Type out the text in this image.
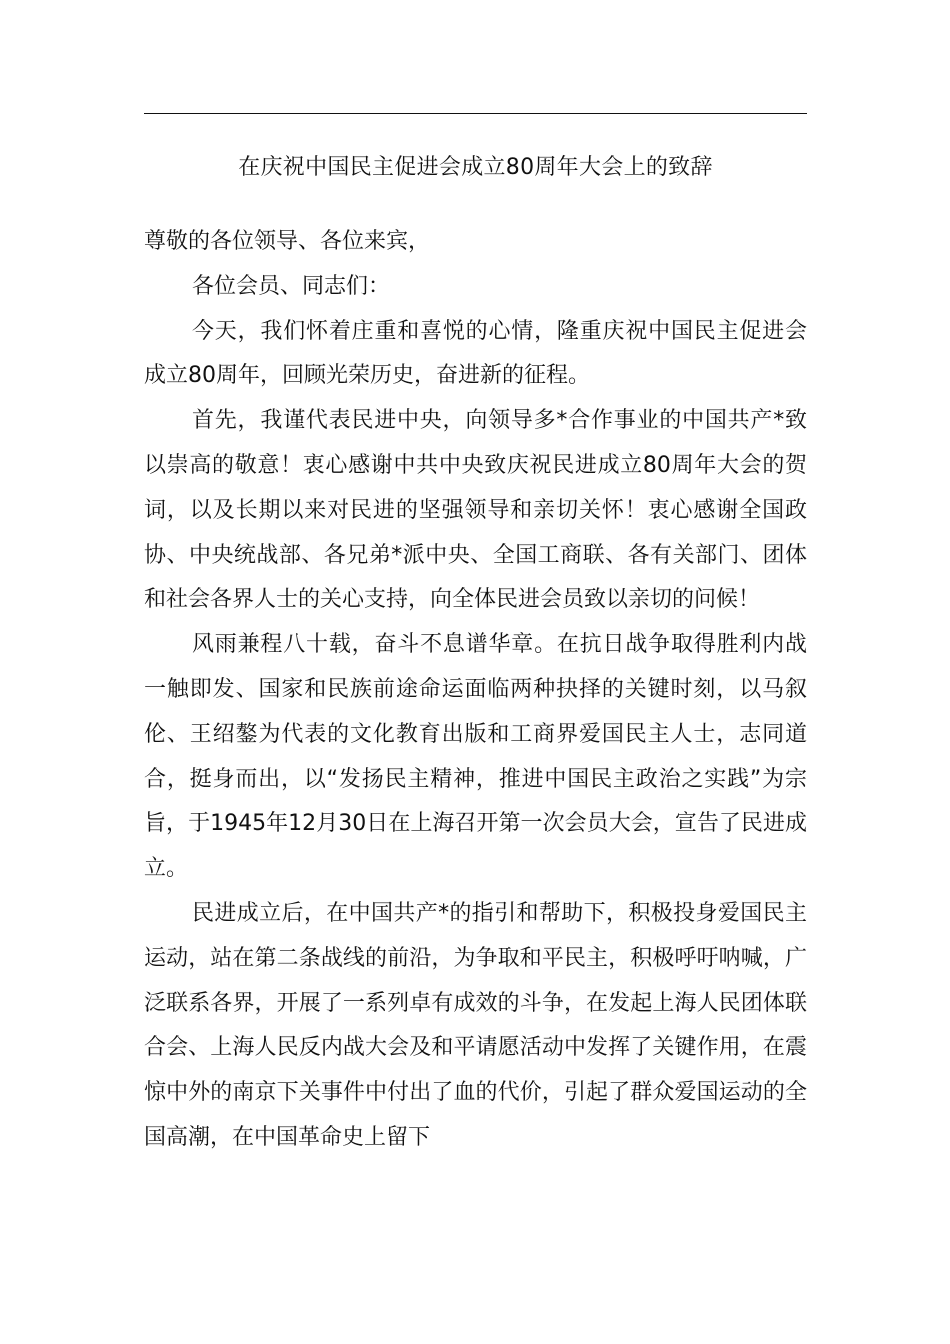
在庆祝中国民主促进会成立80周年大会上的致辞

尊敬的各位领导、各位来宾，

各位会员、同志们：

今天，我们怀着庄重和喜悦的心情，隆重庆祝中国民主促进会成立80周年，回顾光荣历史，奋进新的征程。

首先，我谨代表民进中央，向领导多*合作事业的中国共产*致以崇高的敬意！衷心感谢中共中央致庆祝民进成立80周年大会的贺词，以及长期以来对民进的坚强领导和亲切关怀！衷心感谢全国政协、中央统战部、各兄弟*派中央、全国工商联、各有关部门、团体和社会各界人士的关心支持，向全体民进会员致以亲切的问候！

风雨兼程八十载，奋斗不息谱华章。在抗日战争取得胜利内战一触即发、国家和民族前途命运面临两种抉择的关键时刻，以马叙伦、王绍鏊为代表的文化教育出版和工商界爱国民主人士，志同道合，挺身而出，以“发扬民主精神，推进中国民主政治之实践”为宗旨，于1945年12月30日在上海召开第一次会员大会，宣告了民进成立。

民进成立后，在中国共产*的指引和帮助下，积极投身爱国民主运动，站在第二条战线的前沿，为争取和平民主，积极呼吁呐喊，广泛联系各界，开展了一系列卓有成效的斗争，在发起上海人民团体联合会、上海人民反内战大会及和平请愿活动中发挥了关键作用，在震惊中外的南京下关事件中付出了血的代价，引起了群众爱国运动的全国高潮，在中国革命史上留下
